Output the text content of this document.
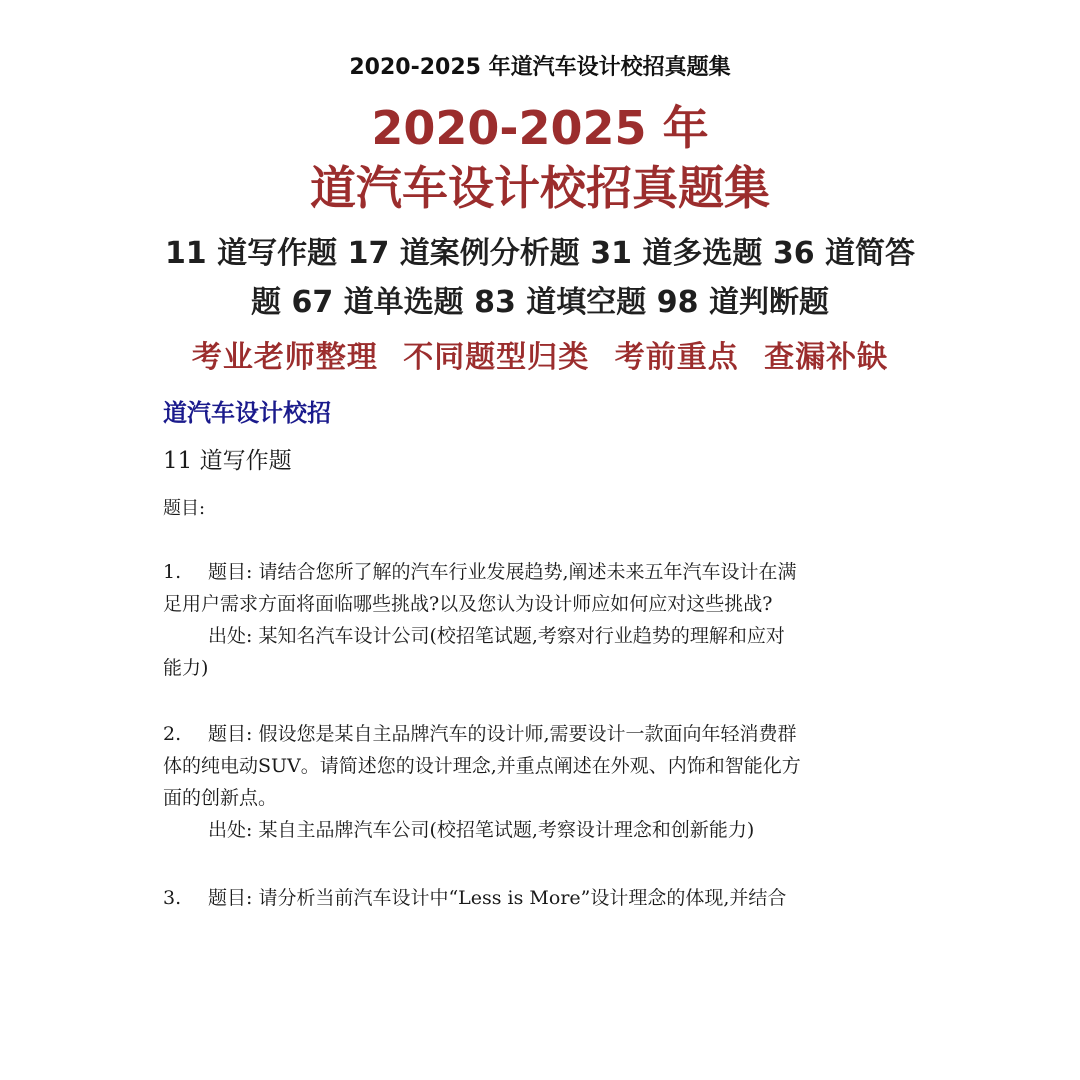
2020-2025 年道汽车设计校招真题集
2020-2025 年
道汽车设计校招真题集
11 道写作题 17 道案例分析题 31 道多选题 36 道简答
题 67 道单选题 83 道填空题 98 道判断题
考业老师整理 不同题型归类 考前重点 查漏补缺
道汽车设计校招
11 道写作题
题目:
1. 题目: 请结合您所了解的汽车行业发展趋势,阐述未来五年汽车设计在满
足用户需求方面将面临哪些挑战?以及您认为设计师应如何应对这些挑战?
出处: 某知名汽车设计公司(校招笔试题,考察对行业趋势的理解和应对
能力)
2. 题目: 假设您是某自主品牌汽车的设计师,需要设计一款面向年轻消费群
体的纯电动SUV。请简述您的设计理念,并重点阐述在外观、内饰和智能化方
面的创新点。
出处: 某自主品牌汽车公司(校招笔试题,考察设计理念和创新能力)
3. 题目: 请分析当前汽车设计中“Less is More”设计理念的体现,并结合
